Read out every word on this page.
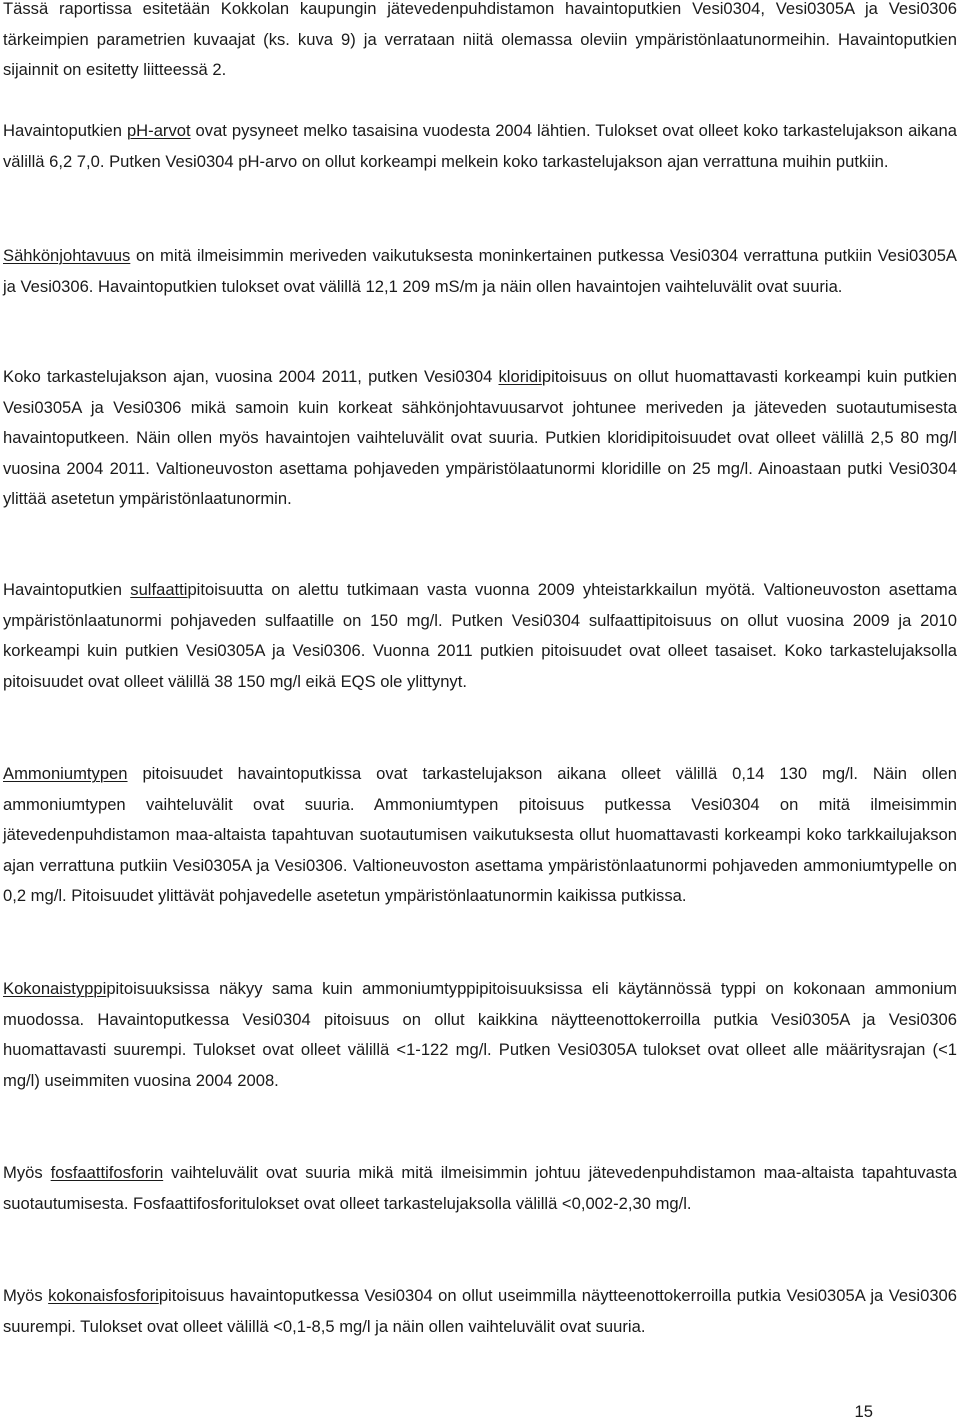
Tässä raportissa esitetään Kokkolan kaupungin jätevedenpuhdistamon havaintoputkien Vesi0304, Vesi0305A ja Vesi0306 tärkeimpien parametrien kuvaajat (ks. kuva 9) ja verrataan niitä olemassa oleviin ympäristönlaatunormeihin. Havaintoputkien sijainnit on esitetty liitteessä 2.

Havaintoputkien pH-arvot ovat pysyneet melko tasaisina vuodesta 2004 lähtien. Tulokset ovat olleet koko tarkastelujakson aikana välillä 6,2 7,0. Putken Vesi0304 pH-arvo on ollut korkeampi melkein koko tarkastelujakson ajan verrattuna muihin putkiin.

Sähkönjohtavuus on mitä ilmeisimmin meriveden vaikutuksesta moninkertainen putkessa Vesi0304 verrattuna putkiin Vesi0305A ja Vesi0306. Havaintoputkien tulokset ovat välillä 12,1 209 mS/m ja näin ollen havaintojen vaihteluvälit ovat suuria.

Koko tarkastelujakson ajan, vuosina 2004 2011, putken Vesi0304 kloridipitoisuus on ollut huomattavasti korkeampi kuin putkien Vesi0305A ja Vesi0306 mikä samoin kuin korkeat sähkönjohtavuusarvot johtunee meriveden ja jäteveden suotautumisesta havaintoputkeen. Näin ollen myös havaintojen vaihteluvälit ovat suuria. Putkien kloridipitoisuudet ovat olleet välillä 2,5 80 mg/l vuosina 2004 2011. Valtioneuvoston asettama pohjaveden ympäristölaatunormi kloridille on 25 mg/l. Ainoastaan putki Vesi0304 ylittää asetetun ympäristönlaatunormin.

Havaintoputkien sulfaattipitoisuutta on alettu tutkimaan vasta vuonna 2009 yhteistarkkailun myötä. Valtioneuvoston asettama ympäristönlaatunormi pohjaveden sulfaatille on 150 mg/l. Putken Vesi0304 sulfaattipitoisuus on ollut vuosina 2009 ja 2010 korkeampi kuin putkien Vesi0305A ja Vesi0306. Vuonna 2011 putkien pitoisuudet ovat olleet tasaiset. Koko tarkastelujaksolla pitoisuudet ovat olleet välillä 38 150 mg/l eikä EQS ole ylittynyt.

Ammoniumtypen pitoisuudet havaintoputkissa ovat tarkastelujakson aikana olleet välillä 0,14 130 mg/l. Näin ollen ammoniumtypen vaihteluvälit ovat suuria. Ammoniumtypen pitoisuus putkessa Vesi0304 on mitä ilmeisimmin jätevedenpuhdistamon maa-altaista tapahtuvan suotautumisen vaikutuksesta ollut huomattavasti korkeampi koko tarkkailujakson ajan verrattuna putkiin Vesi0305A ja Vesi0306. Valtioneuvoston asettama ympäristönlaatunormi pohjaveden ammoniumtypelle on 0,2 mg/l. Pitoisuudet ylittävät pohjavedelle asetetun ympäristönlaatunormin kaikissa putkissa.

Kokonaistyppipitoisuuksissa näkyy sama kuin ammoniumtyppipitoisuuksissa eli käytännössä typpi on kokonaan ammonium muodossa. Havaintoputkessa Vesi0304 pitoisuus on ollut kaikkina näytteenottokerroilla putkia Vesi0305A ja Vesi0306 huomattavasti suurempi. Tulokset ovat olleet välillä <1-122 mg/l. Putken Vesi0305A tulokset ovat olleet alle määritysrajan (<1 mg/l) useimmiten vuosina 2004 2008.

Myös fosfaattifosforin vaihteluvälit ovat suuria mikä mitä ilmeisimmin johtuu jätevedenpuhdistamon maa-altaista tapahtuvasta suotautumisesta. Fosfaattifosforitulokset ovat olleet tarkastelujaksolla välillä <0,002-2,30 mg/l.

Myös kokonaisfosforipitoisuus havaintoputkessa Vesi0304 on ollut useimmilla näytteenottokerroilla putkia Vesi0305A ja Vesi0306 suurempi. Tulokset ovat olleet välillä <0,1-8,5 mg/l ja näin ollen vaihteluvälit ovat suuria.

15
